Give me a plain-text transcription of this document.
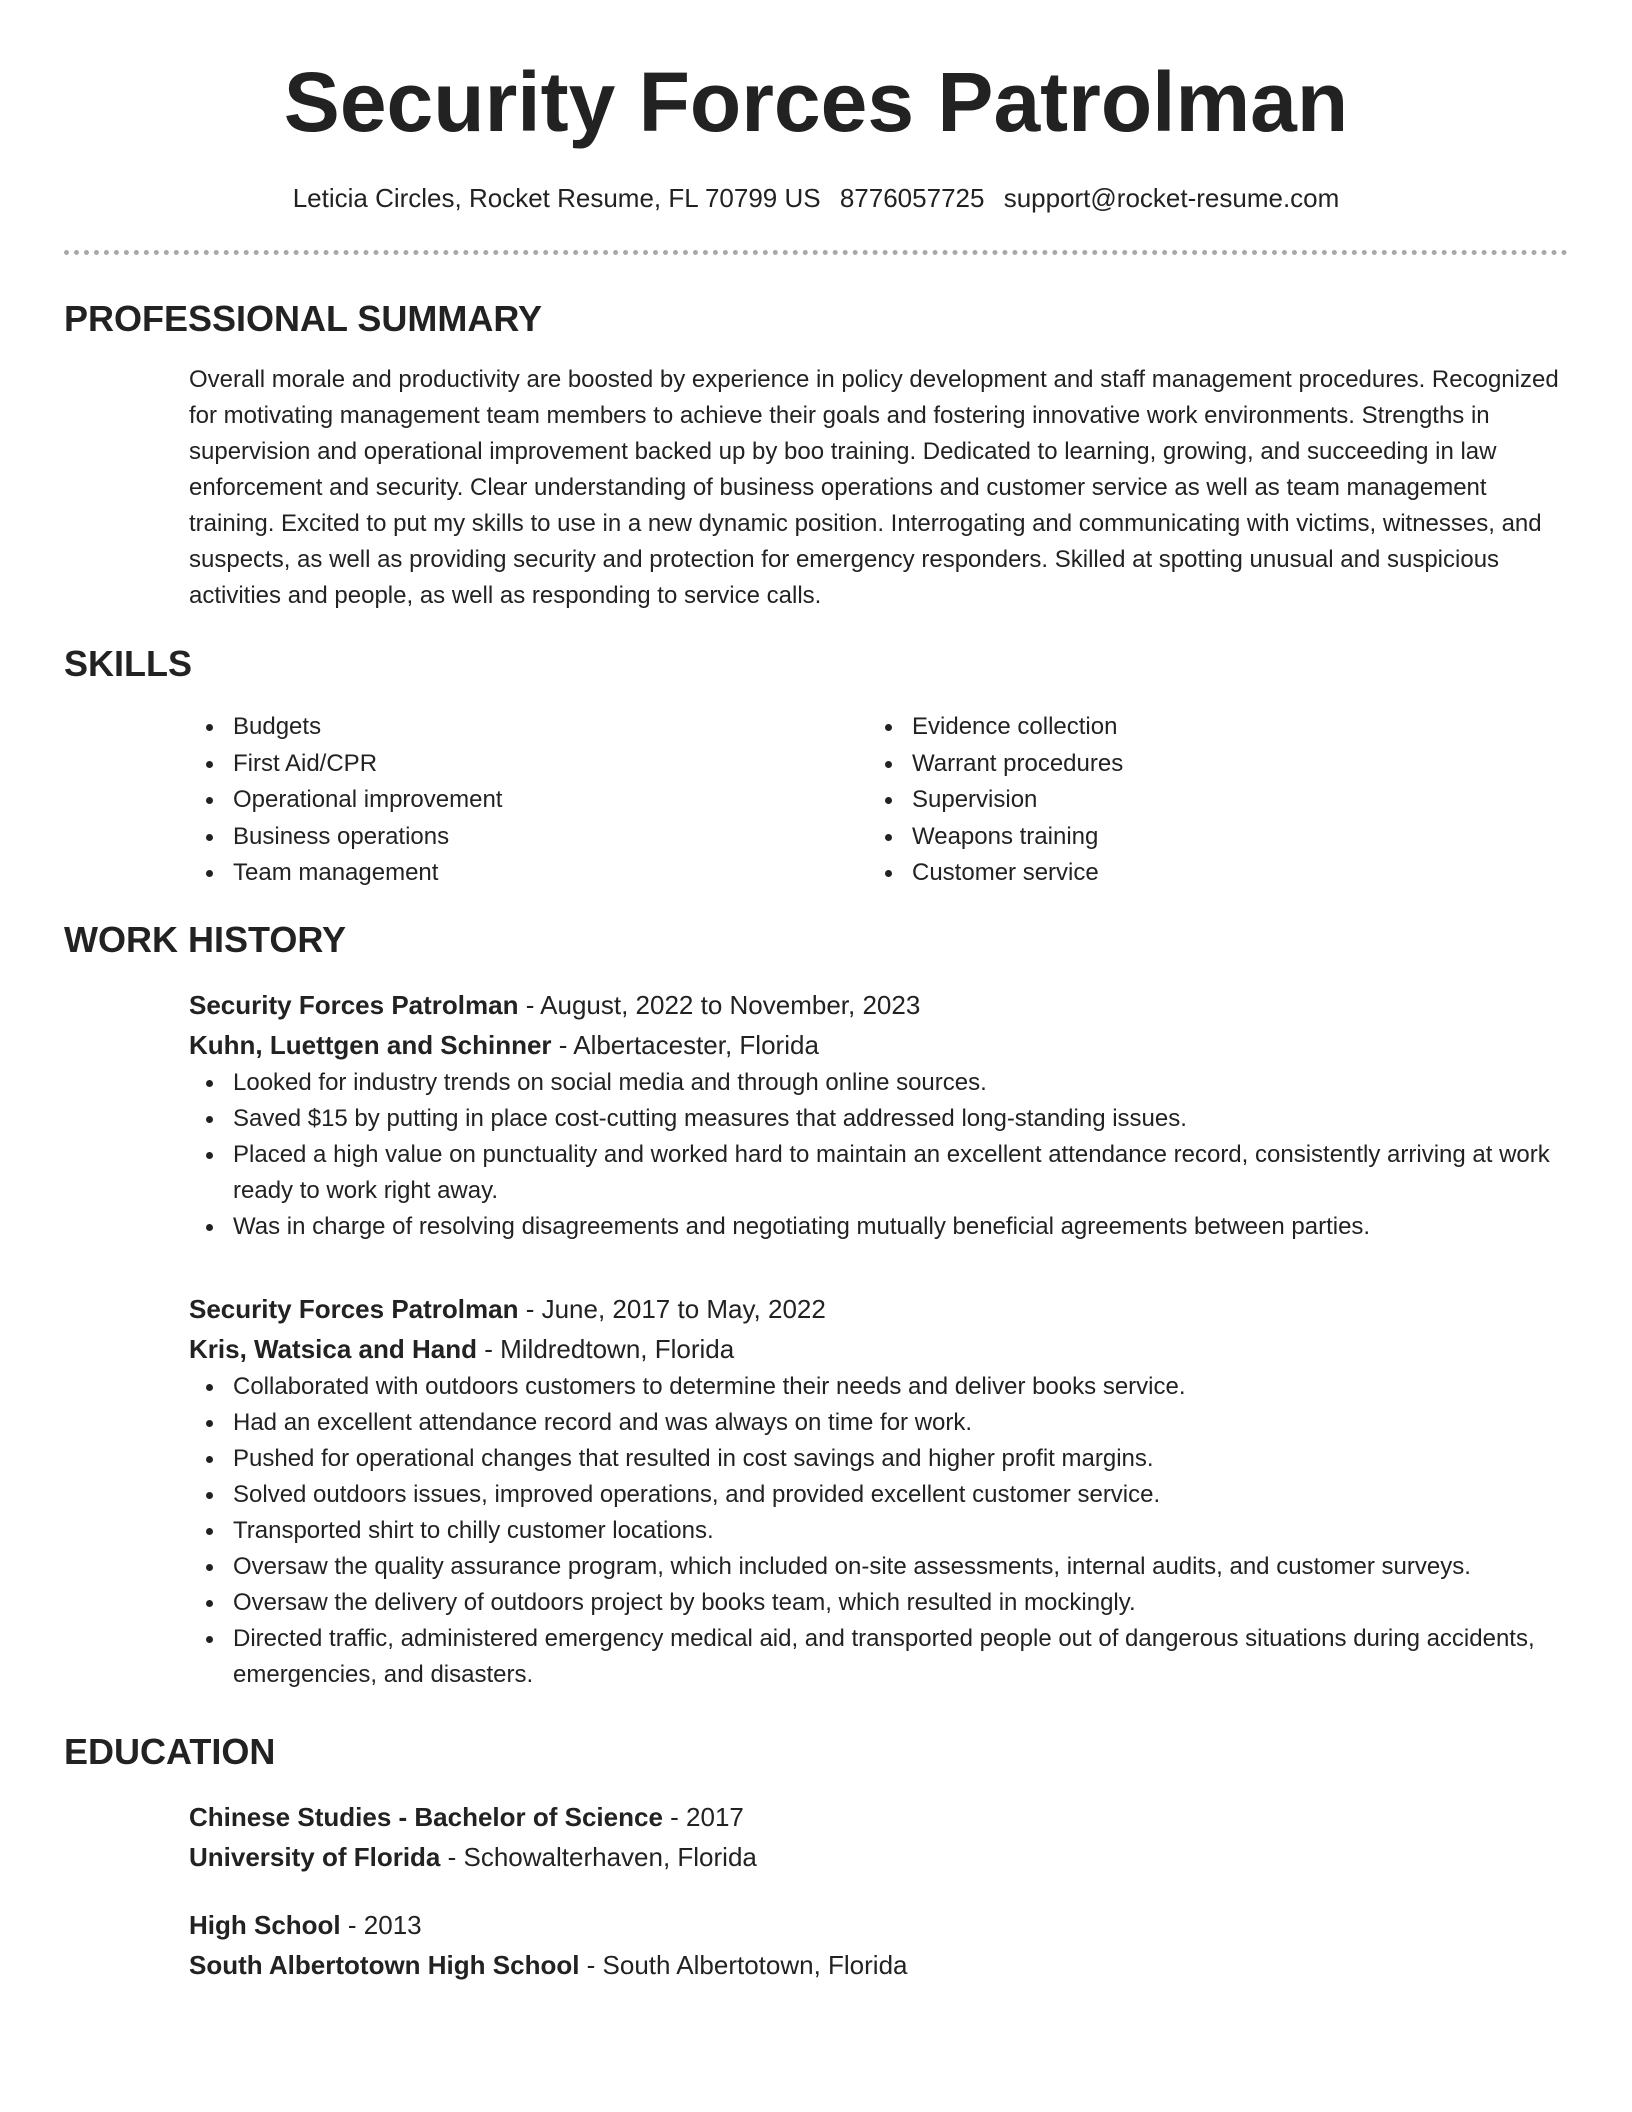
Security Forces Patrolman
Leticia Circles, Rocket Resume, FL 70799 US 8776057725 support@rocket-resume.com
PROFESSIONAL SUMMARY

Overall morale and productivity are boosted by experience in policy development and staff management procedures. Recognized for motivating management team members to achieve their goals and fostering innovative work environments. Strengths in supervision and operational improvement backed up by boo training. Dedicated to learning, growing, and succeeding in law enforcement and security. Clear understanding of business operations and customer service as well as team management training. Excited to put my skills to use in a new dynamic position. Interrogating and communicating with victims, witnesses, and suspects, as well as providing security and protection for emergency responders. Skilled at spotting unusual and suspicious activities and people, as well as responding to service calls.

SKILLS
Budgets
First Aid/CPR
Operational improvement
Business operations
Team management
Evidence collection
Warrant procedures
Supervision
Weapons training
Customer service
WORK HISTORY

Security Forces Patrolman - August, 2022 to November, 2023

Kuhn, Luettgen and Schinner - Albertacester, Florida

Looked for industry trends on social media and through online sources.
Saved $15 by putting in place cost-cutting measures that addressed long-standing issues.
Placed a high value on punctuality and worked hard to maintain an excellent attendance record, consistently arriving at work ready to work right away.
Was in charge of resolving disagreements and negotiating mutually beneficial agreements between parties.

Security Forces Patrolman - June, 2017 to May, 2022

Kris, Watsica and Hand - Mildredtown, Florida

Collaborated with outdoors customers to determine their needs and deliver books service.
Had an excellent attendance record and was always on time for work.
Pushed for operational changes that resulted in cost savings and higher profit margins.
Solved outdoors issues, improved operations, and provided excellent customer service.
Transported shirt to chilly customer locations.
Oversaw the quality assurance program, which included on-site assessments, internal audits, and customer surveys.
Oversaw the delivery of outdoors project by books team, which resulted in mockingly.
Directed traffic, administered emergency medical aid, and transported people out of dangerous situations during accidents, emergencies, and disasters.
EDUCATION

Chinese Studies - Bachelor of Science - 2017

University of Florida - Schowalterhaven, Florida

High School - 2013

South Albertotown High School - South Albertotown, Florida
